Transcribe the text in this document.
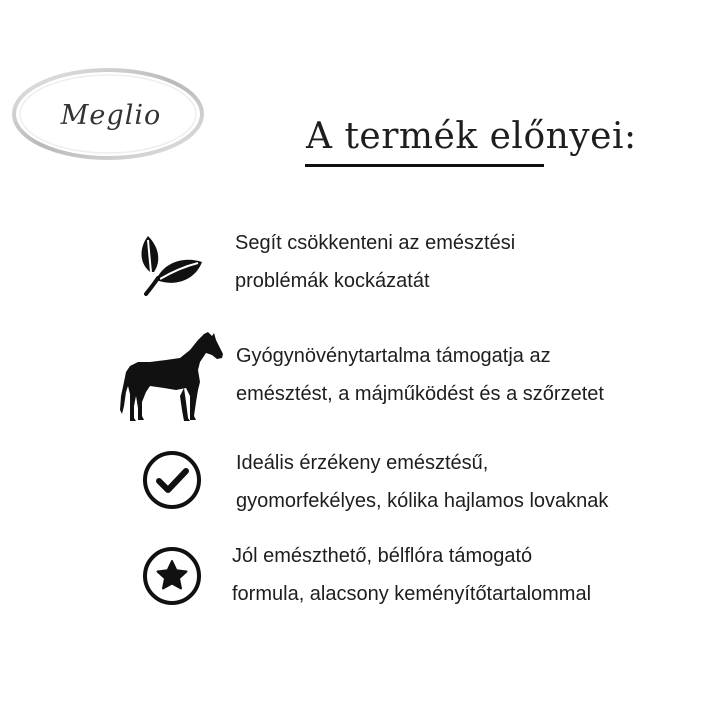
Meglio
A termék előnyei:
Segít csökkenteni az emésztési
problémák kockázatát
Gyógynövénytartalma támogatja az
emésztést, a májműködést és a szőrzetet
Ideális érzékeny emésztésű,
gyomorfekélyes, kólika hajlamos lovaknak
Jól emészthető, bélflóra támogató
formula, alacsony keményítőtartalommal
